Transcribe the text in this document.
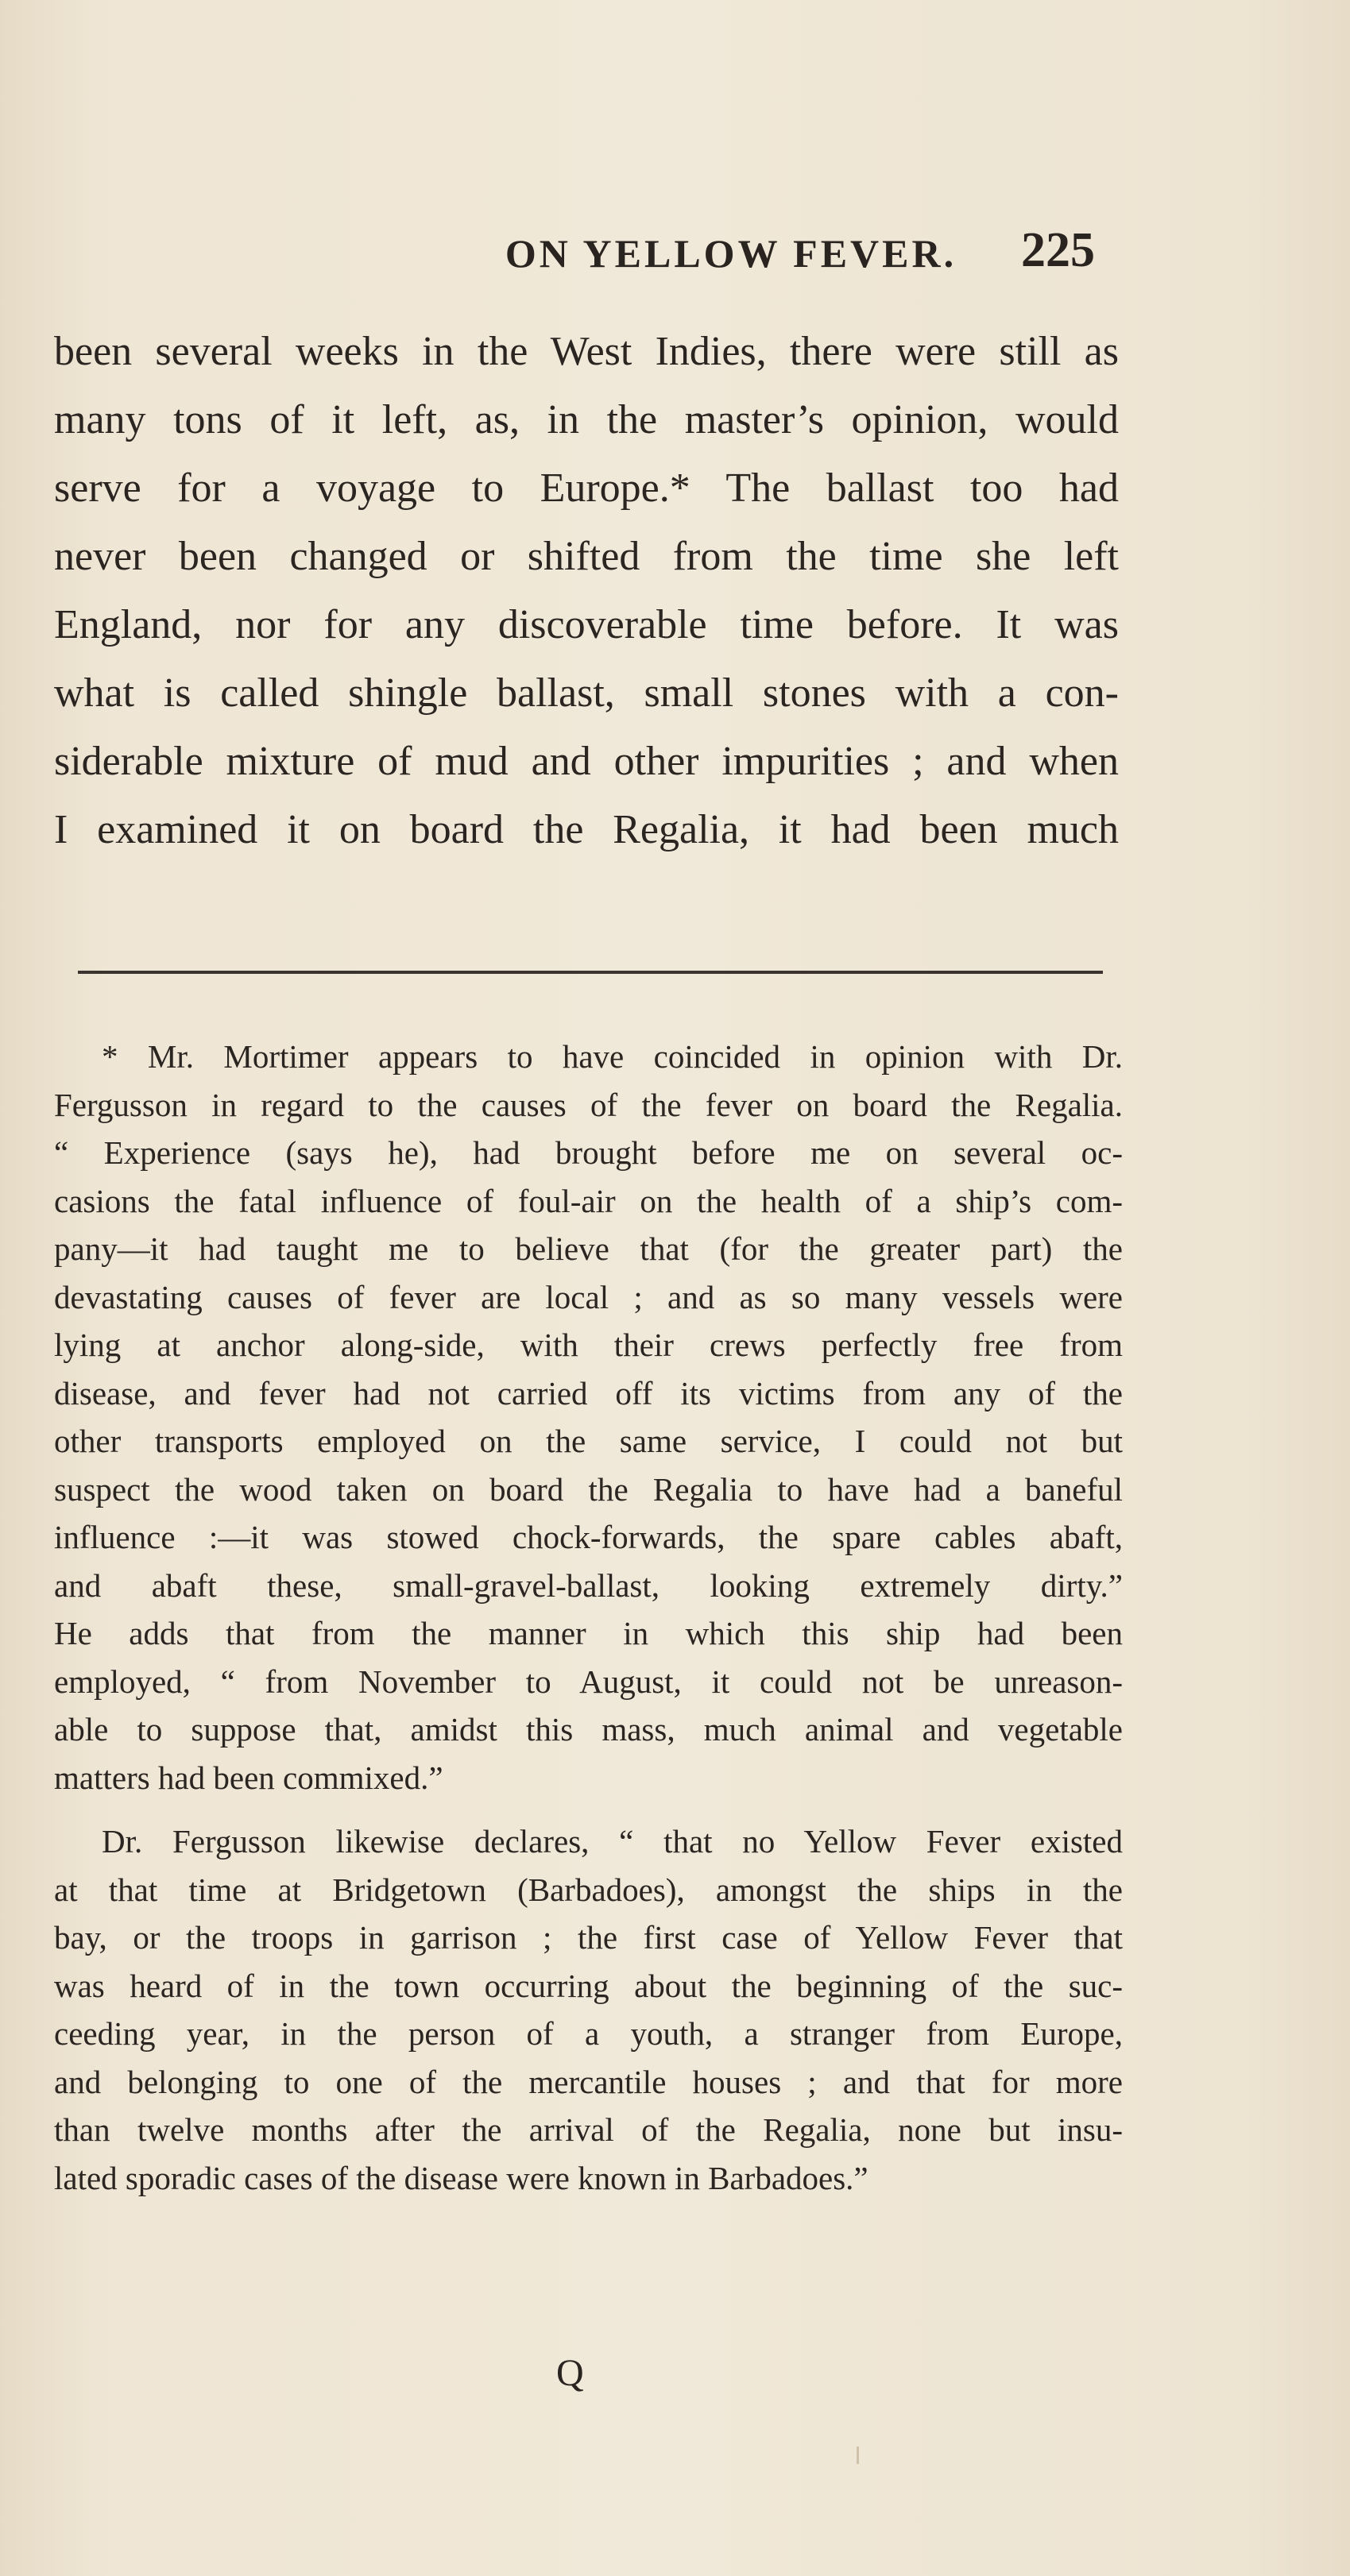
ON YELLOW FEVER.	225
been several weeks in the West Indies, there were still as
many tons of it left, as, in the master’s opinion, would
serve for a voyage to Europe.* The ballast too had
never been changed or shifted from the time she left
England, nor for any discoverable time before. It was
what is called shingle ballast, small stones with a con-
siderable mixture of mud and other impurities ; and when
I examined it on board the Regalia, it had been much
* Mr. Mortimer appears to have coincided in opinion with Dr.
Fergusson in regard to the causes of the fever on board the Regalia.
“ Experience (says he), had brought before me on several oc-
casions the fatal influence of foul-air on the health of a ship’s com-
pany—it had taught me to believe that (for the greater part) the
devastating causes of fever are local ; and as so many vessels were
lying at anchor along-side, with their crews perfectly free from
disease, and fever had not carried off its victims from any of the
other transports employed on the same service, I could not but
suspect the wood taken on board the Regalia to have had a baneful
influence :—it was stowed chock-forwards, the spare cables abaft,
and abaft these, small-gravel-ballast, looking extremely dirty.”
He adds that from the manner in which this ship had been
employed, “ from November to August, it could not be unreason-
able to suppose that, amidst this mass, much animal and vegetable
matters had been commixed.”
Dr. Fergusson likewise declares, “ that no Yellow Fever existed
at that time at Bridgetown (Barbadoes), amongst the ships in the
bay, or the troops in garrison ; the first case of Yellow Fever that
was heard of in the town occurring about the beginning of the suc-
ceeding year, in the person of a youth, a stranger from Europe,
and belonging to one of the mercantile houses ; and that for more
than twelve months after the arrival of the Regalia, none but insu-
lated sporadic cases of the disease were known in Barbadoes.”
Q
